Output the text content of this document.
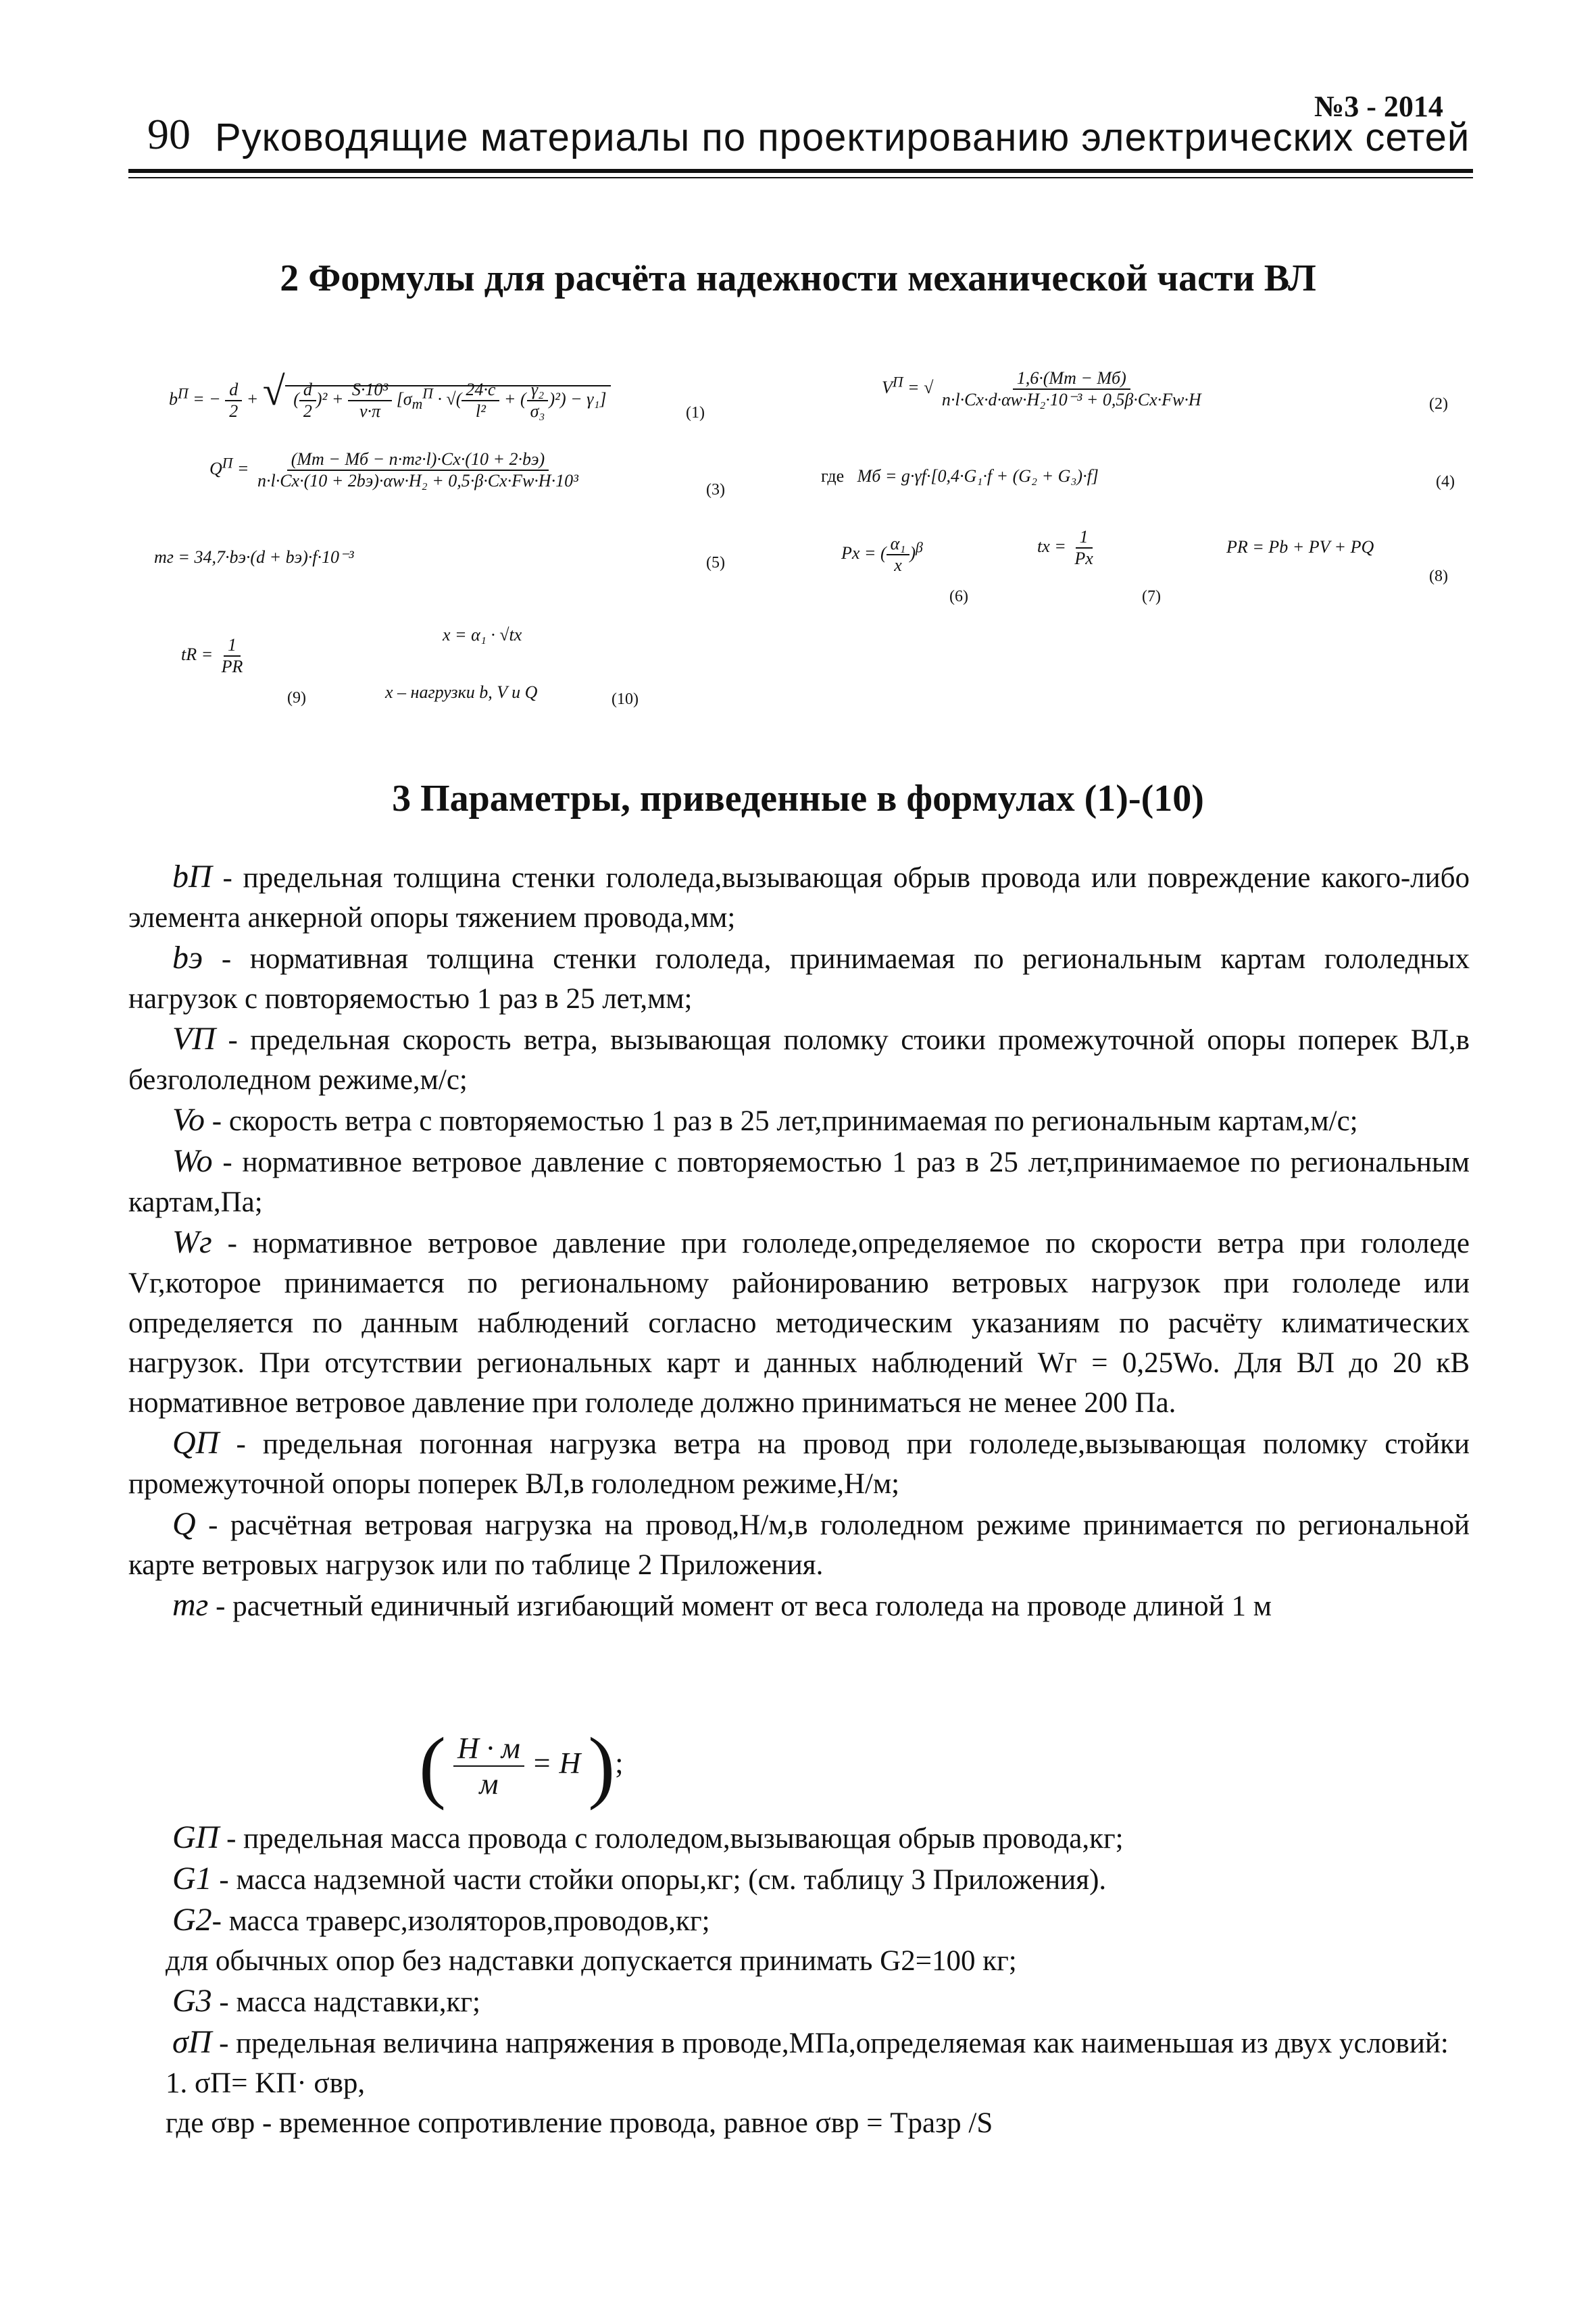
90 Руководящие материалы по проектированию электрических сетей
№3 - 2014
2 Формулы для расчёта надежности механической части ВЛ
$b^П$ = − $\frac{d}{2}$ + √ ( $\frac{d}{2} )^2 + \frac{\text{S·10³}}{v\cdot\pi} [\sigma_т^П$ · √( $\frac{24\cdot c}{\text{l²}}$ + ( $\frac{\text{γ₂}}{\text{σ₃}} )^2) - \gamma_1$]
(1)
$V^П$ = √ $\frac{1,6\cdot(Mт - Mб)}{\text{n·l·Cx·d·αw·H₂·10⁻³ + 0,5β·Cx·Fw·H}}$	(2)
$Q^П = \frac{(Mт - Mб - n\cdot mг\cdot l)\cdot Cx\cdot(10 + 2\cdot bэ)}{\text{n·l·Cx·(10 + 2bэ)·αw·H₂ + 0,5·β·Cx·Fw·H·10³}}$	(3)
где Mб = g·γf·[0,4·G₁·f + (G₂ + G₃)·f]	(4)
mг = 34,7·bэ·(d + bэ)·f·10⁻³	(5)
Px = ( $\frac{\text{α₁}}{x} )^\beta$
(6)
tx = $\frac{1}{Px}$
(7)
PR = Pb + PV + PQ
(8)
tR = $\frac{1}{PR}$
(9)
x = α₁ · √tx
x – нагрузки b, V и Q	(10)
3 Параметры, приведенные в формулах (1)-(10)

bП - предельная толщина стенки гололеда,вызывающая обрыв провода или повреждение какого-либо элемента анкерной опоры тяжением провода,мм;

bэ - нормативная толщина стенки гололеда, принимаемая по региональным картам гололедных нагрузок с повторяемостью 1 раз в 25 лет,мм;

VП - предельная скорость ветра, вызывающая поломку стоики промежуточной опоры поперек ВЛ,в безгололедном режиме,м/с;

Vo - скорость ветра с повторяемостью 1 раз в 25 лет,принимаемая по региональным картам,м/с;

Wo - нормативное ветровое давление с повторяемостью 1 раз в 25 лет,принимаемое по региональным картам,Па;

Wг - нормативное ветровое давление при гололеде,определяемое по скорости ветра при гололеде Vг,которое принимается по региональному районированию ветровых нагрузок при гололеде или определяется по данным наблюдений согласно методическим указаниям по расчёту климатических нагрузок. При отсутствии региональных карт и данных наблюдений Wг = 0,25Wo. Для ВЛ до 20 кВ нормативное ветровое давление при гололеде должно приниматься не менее 200 Па.

QП - предельная погонная нагрузка ветра на провод при гололеде,вызывающая поломку стойки промежуточной опоры поперек ВЛ,в гололедном режиме,Н/м;

Q - расчётная ветровая нагрузка на провод,Н/м,в гололедном режиме принимается по региональной карте ветровых нагрузок или по таблице 2 Приложения.

mг - расчетный единичный изгибающий момент от веса гололеда на проводе длиной 1 м

( $\frac{Н \cdot м}{м} = Н$ );

GП - предельная масса провода с гололедом,вызывающая обрыв провода,кг;

G1 - масса надземной части стойки опоры,кг; (см. таблицу 3 Приложения).

G2- масса траверс,изоляторов,проводов,кг;

для обычных опор без надставки допускается принимать G2=100 кг;

G3 - масса надставки,кг;

σП - предельная величина напряжения в проводе,МПа,определяемая как наименьшая из двух условий:

1. σП= KП· σвр,

где σвр - временное сопротивление провода, равное σвр = Tразр /S
